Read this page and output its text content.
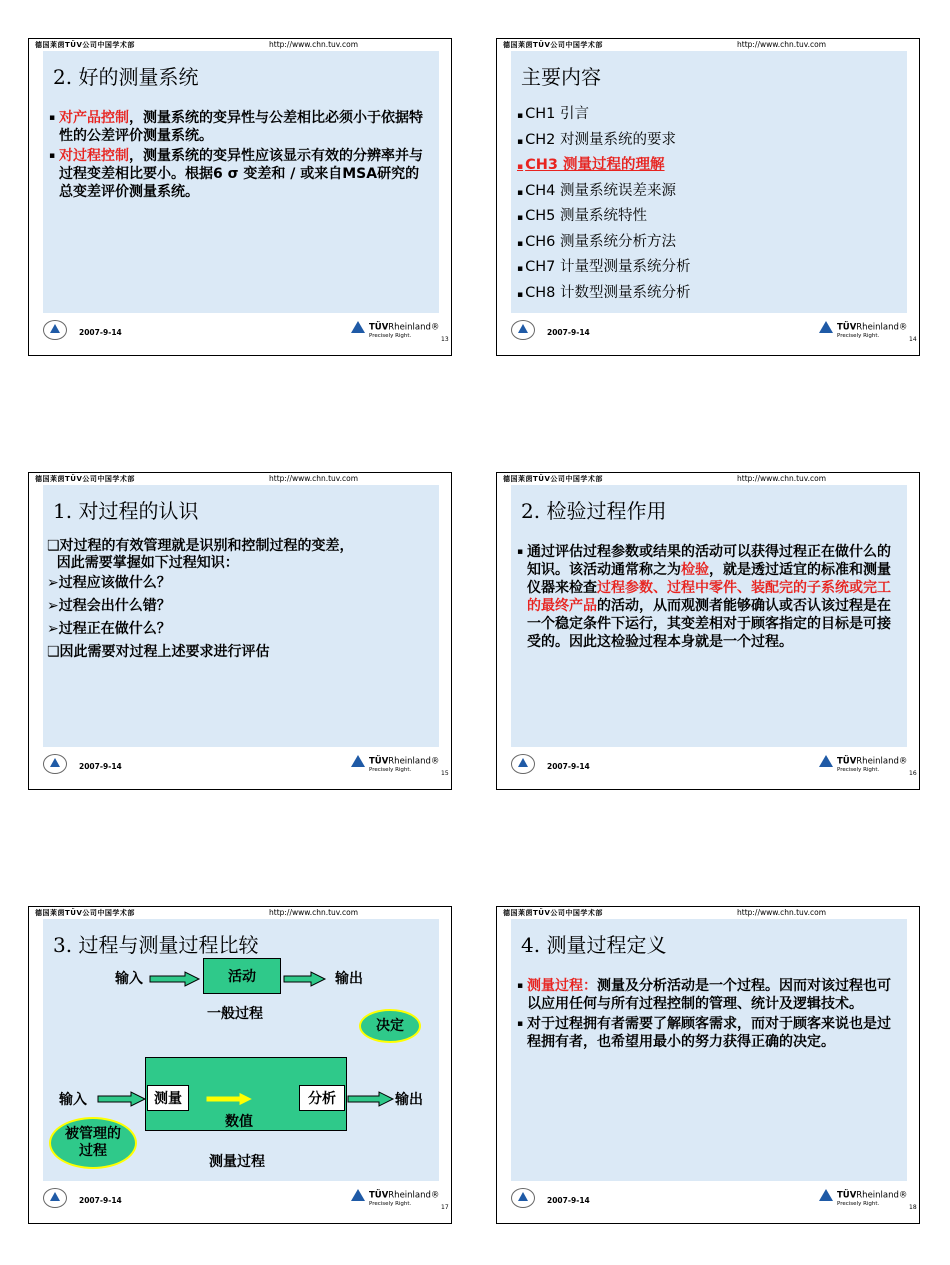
德国莱茵TÜV公司中国学术部	http://www.chn.tuv.com
2. 好的测量系统
▪ 对产品控制，测量系统的变异性与公差相比必须小于依据特性的公差评价测量系统。
▪ 对过程控制，测量系统的变异性应该显示有效的分辨率并与过程变差相比要小。根据6 σ 变差和 / 或来自MSA研究的总变差评价测量系统。
2007-9-14	TÜVRheinland®
Precisely Right.	13
德国莱茵TÜV公司中国学术部	http://www.chn.tuv.com
主要内容
▪ CH1 引言
▪ CH2 对测量系统的要求
▪ CH3 测量过程的理解
▪ CH4 测量系统误差来源
▪ CH5 测量系统特性
▪ CH6 测量系统分析方法
▪ CH7 计量型测量系统分析
▪ CH8 计数型测量系统分析
2007-9-14	TÜVRheinland®
Precisely Right.	14
德国莱茵TÜV公司中国学术部	http://www.chn.tuv.com
1. 对过程的认识
❑对过程的有效管理就是识别和控制过程的变差，
因此需要掌握如下过程知识：
➢过程应该做什么？
➢过程会出什么错？
➢过程正在做什么？
❑因此需要对过程上述要求进行评估
2007-9-14	TÜVRheinland®
Precisely Right.	15
德国莱茵TÜV公司中国学术部	http://www.chn.tuv.com
2. 检验过程作用
▪ 通过评估过程参数或结果的活动可以获得过程正在做什么的知识。该活动通常称之为检验，就是透过适宜的标准和测量仪器来检查过程参数、过程中零件、装配完的子系统或完工的最终产品的活动，从而观测者能够确认或否认该过程是在一个稳定条件下运行，其变差相对于顾客指定的目标是可接受的。因此这检验过程本身就是一个过程。
2007-9-14	TÜVRheinland®
Precisely Right.	16
德国莱茵TÜV公司中国学术部	http://www.chn.tuv.com
3. 过程与测量过程比较
输入	活动	输出
一般过程
决定
输入	测量
数值
分析	输出
被管理的过程
测量过程
2007-9-14	TÜVRheinland®
Precisely Right.	17
德国莱茵TÜV公司中国学术部	http://www.chn.tuv.com
4. 测量过程定义
▪ 测量过程：测量及分析活动是一个过程。因而对该过程也可以应用任何与所有过程控制的管理、统计及逻辑技术。
▪ 对于过程拥有者需要了解顾客需求，而对于顾客来说也是过程拥有者，也希望用最小的努力获得正确的决定。
2007-9-14	TÜVRheinland®
Precisely Right.	18
